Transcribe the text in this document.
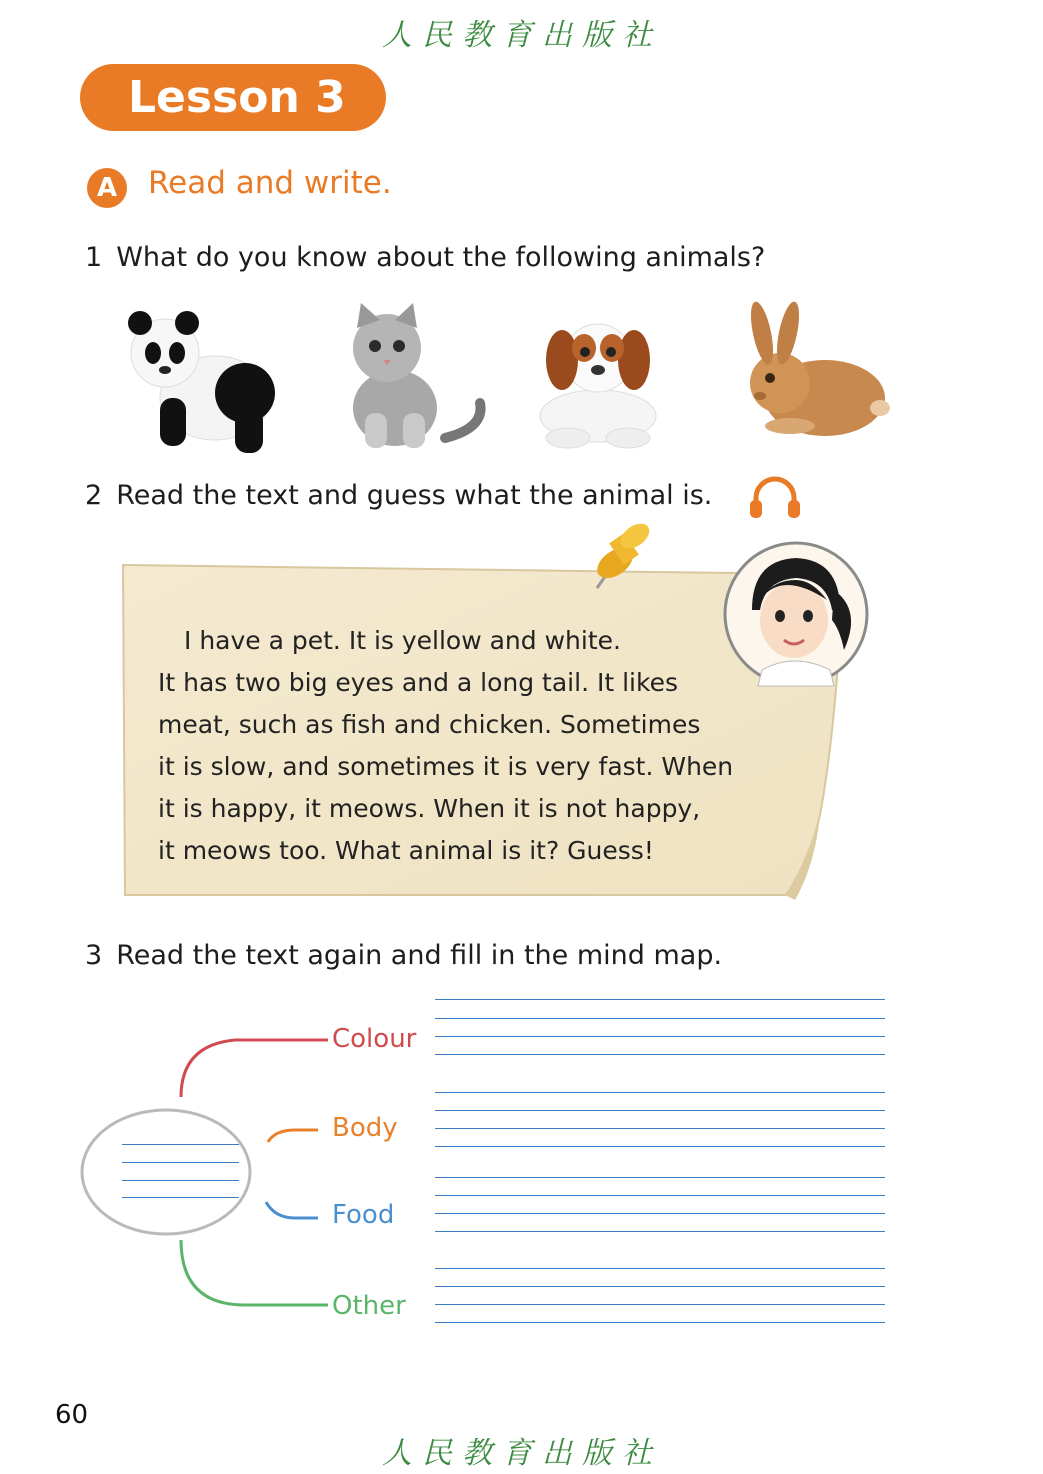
人民教育出版社
Lesson 3
A Read and write.
1 What do you know about the following animals?
2 Read the text and guess what the animal is.

I have a pet. It is yellow and white.

It has two big eyes and a long tail. It likes

meat, such as fish and chicken. Sometimes

it is slow, and sometimes it is very fast. When

it is happy, it meows. When it is not happy,

it meows too. What animal is it? Guess!

3 Read the text again and fill in the mind map.
Colour
Body
Food
Other
60
人民教育出版社
